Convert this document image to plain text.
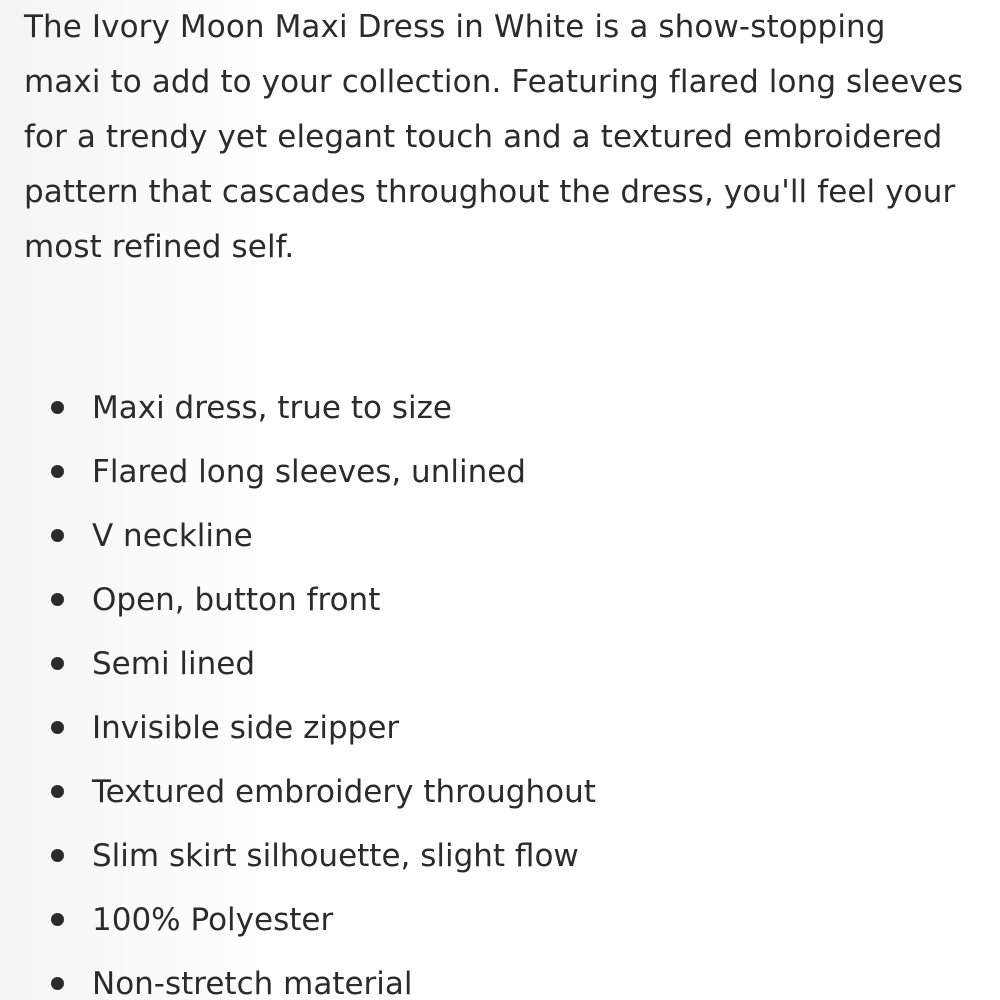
The Ivory Moon Maxi Dress in White is a show-stopping maxi to add to your collection. Featuring flared long sleeves for a trendy yet elegant touch and a textured embroidered pattern that cascades throughout the dress, you'll feel your most refined self.

Maxi dress, true to size
Flared long sleeves, unlined
V neckline
Open, button front
Semi lined
Invisible side zipper
Textured embroidery throughout
Slim skirt silhouette, slight flow
100% Polyester
Non-stretch material
